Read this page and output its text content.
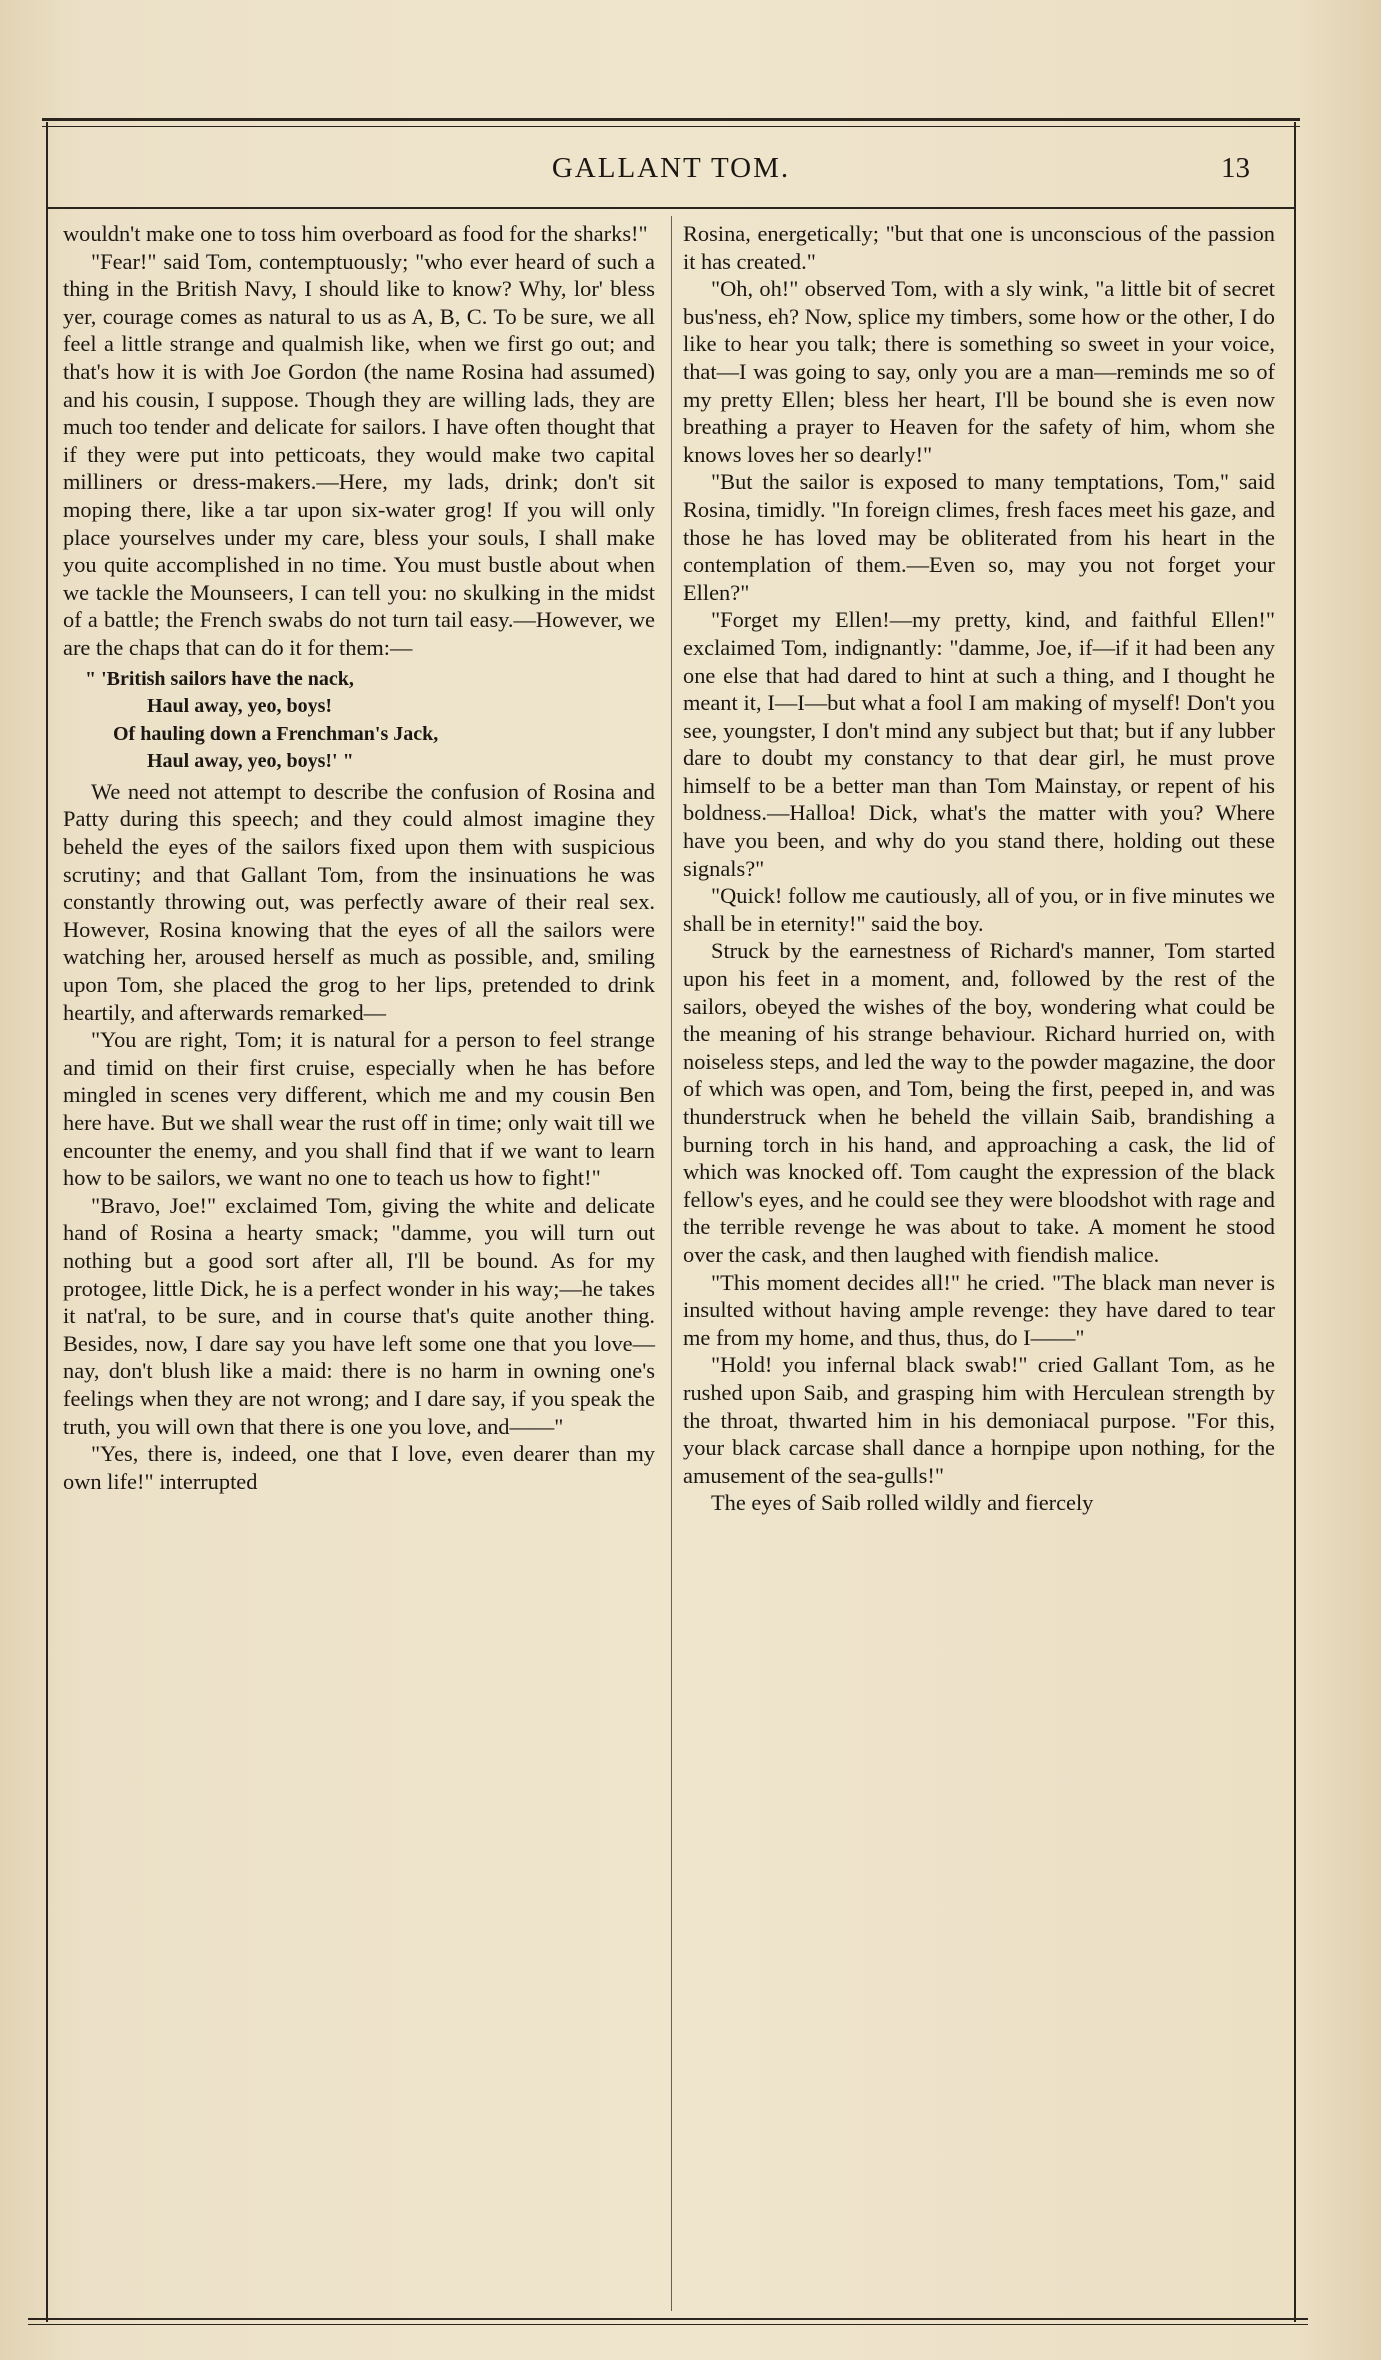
GALLANT TOM.	13

wouldn't make one to toss him overboard as food for the sharks!"

"Fear!" said Tom, contemptuously; "who ever heard of such a thing in the British Navy, I should like to know? Why, lor' bless yer, courage comes as natural to us as A, B, C. To be sure, we all feel a little strange and qualmish like, when we first go out; and that's how it is with Joe Gordon (the name Rosina had assumed) and his cousin, I suppose. Though they are willing lads, they are much too tender and delicate for sailors. I have often thought that if they were put into petticoats, they would make two capital milliners or dress-makers.—Here, my lads, drink; don't sit moping there, like a tar upon six-water grog! If you will only place yourselves under my care, bless your souls, I shall make you quite accomplished in no time. You must bustle about when we tackle the Mounseers, I can tell you: no skulking in the midst of a battle; the French swabs do not turn tail easy.—However, we are the chaps that can do it for them:—

" 'British sailors have the nack,
Haul away, yeo, boys!
Of hauling down a Frenchman's Jack,
Haul away, yeo, boys!' "

We need not attempt to describe the confusion of Rosina and Patty during this speech; and they could almost imagine they beheld the eyes of the sailors fixed upon them with suspicious scrutiny; and that Gallant Tom, from the insinuations he was constantly throwing out, was perfectly aware of their real sex. However, Rosina knowing that the eyes of all the sailors were watching her, aroused herself as much as possible, and, smiling upon Tom, she placed the grog to her lips, pretended to drink heartily, and afterwards remarked—

"You are right, Tom; it is natural for a person to feel strange and timid on their first cruise, especially when he has before mingled in scenes very different, which me and my cousin Ben here have. But we shall wear the rust off in time; only wait till we encounter the enemy, and you shall find that if we want to learn how to be sailors, we want no one to teach us how to fight!"

"Bravo, Joe!" exclaimed Tom, giving the white and delicate hand of Rosina a hearty smack; "damme, you will turn out nothing but a good sort after all, I'll be bound. As for my protogee, little Dick, he is a perfect wonder in his way;—he takes it nat'ral, to be sure, and in course that's quite another thing. Besides, now, I dare say you have left some one that you love—nay, don't blush like a maid: there is no harm in owning one's feelings when they are not wrong; and I dare say, if you speak the truth, you will own that there is one you love, and——"

"Yes, there is, indeed, one that I love, even dearer than my own life!" interrupted

Rosina, energetically; "but that one is unconscious of the passion it has created."

"Oh, oh!" observed Tom, with a sly wink, "a little bit of secret bus'ness, eh? Now, splice my timbers, some how or the other, I do like to hear you talk; there is something so sweet in your voice, that—I was going to say, only you are a man—reminds me so of my pretty Ellen; bless her heart, I'll be bound she is even now breathing a prayer to Heaven for the safety of him, whom she knows loves her so dearly!"

"But the sailor is exposed to many temptations, Tom," said Rosina, timidly. "In foreign climes, fresh faces meet his gaze, and those he has loved may be obliterated from his heart in the contemplation of them.—Even so, may you not forget your Ellen?"

"Forget my Ellen!—my pretty, kind, and faithful Ellen!" exclaimed Tom, indignantly: "damme, Joe, if—if it had been any one else that had dared to hint at such a thing, and I thought he meant it, I—I—but what a fool I am making of myself! Don't you see, youngster, I don't mind any subject but that; but if any lubber dare to doubt my constancy to that dear girl, he must prove himself to be a better man than Tom Mainstay, or repent of his boldness.—Halloa! Dick, what's the matter with you? Where have you been, and why do you stand there, holding out these signals?"

"Quick! follow me cautiously, all of you, or in five minutes we shall be in eternity!" said the boy.

Struck by the earnestness of Richard's manner, Tom started upon his feet in a moment, and, followed by the rest of the sailors, obeyed the wishes of the boy, wondering what could be the meaning of his strange behaviour. Richard hurried on, with noiseless steps, and led the way to the powder magazine, the door of which was open, and Tom, being the first, peeped in, and was thunderstruck when he beheld the villain Saib, brandishing a burning torch in his hand, and approaching a cask, the lid of which was knocked off. Tom caught the expression of the black fellow's eyes, and he could see they were bloodshot with rage and the terrible revenge he was about to take. A moment he stood over the cask, and then laughed with fiendish malice.

"This moment decides all!" he cried. "The black man never is insulted without having ample revenge: they have dared to tear me from my home, and thus, thus, do I——"

"Hold! you infernal black swab!" cried Gallant Tom, as he rushed upon Saib, and grasping him with Herculean strength by the throat, thwarted him in his demoniacal purpose. "For this, your black carcase shall dance a hornpipe upon nothing, for the amusement of the sea-gulls!"

The eyes of Saib rolled wildly and fiercely
